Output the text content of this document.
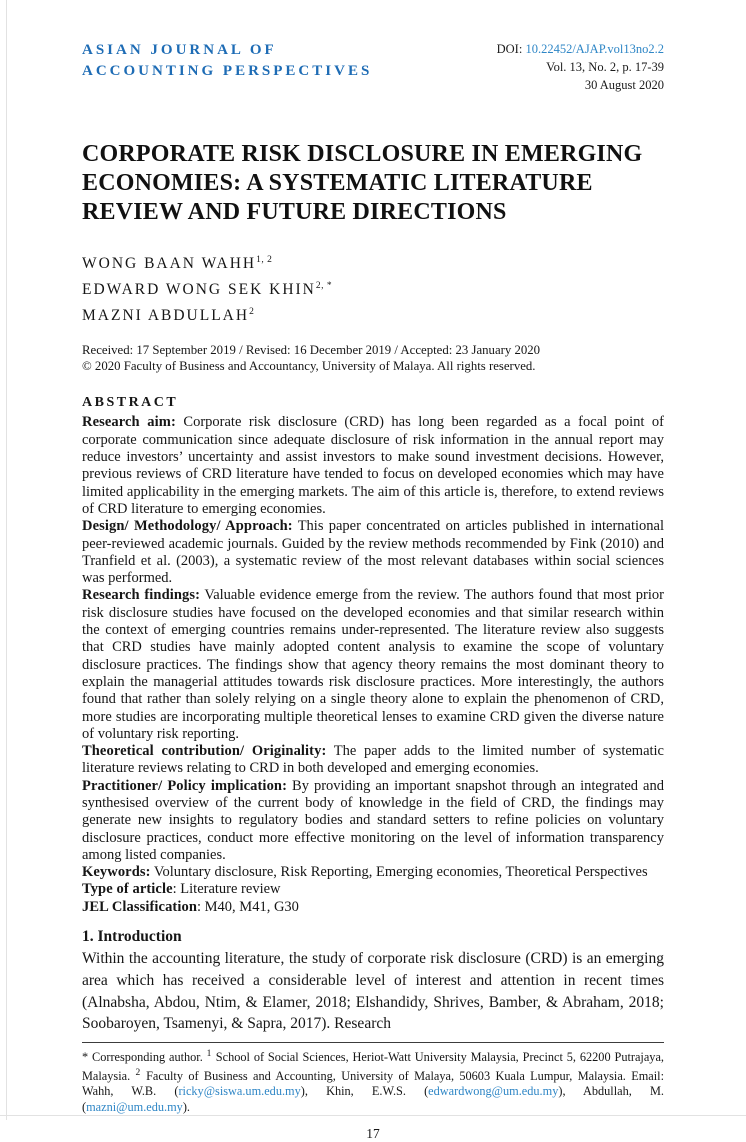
ASIAN JOURNAL OF
ACCOUNTING PERSPECTIVES
DOI: 10.22452/AJAP.vol13no2.2
Vol. 13, No. 2, p. 17-39
30 August 2020
CORPORATE RISK DISCLOSURE IN EMERGING
ECONOMIES: A SYSTEMATIC LITERATURE
REVIEW AND FUTURE DIRECTIONS
WONG BAAN WAHH$^{1, 2}$
EDWARD WONG SEK $KHIN^{2, *}$
MAZNI ABDULLAH$^2$
Received: 17 September 2019 / Revised: 16 December 2019 / Accepted: 23 January 2020
© 2020 Faculty of Business and Accountancy, University of Malaya. All rights reserved.
ABSTRACT

Research aim: Corporate risk disclosure (CRD) has long been regarded as a focal point of corporate communication since adequate disclosure of risk information in the annual report may reduce investors’ uncertainty and assist investors to make sound investment decisions. However, previous reviews of CRD literature have tended to focus on developed economies which may have limited applicability in the emerging markets. The aim of this article is, therefore, to extend reviews of CRD literature to emerging economies.

Design/ Methodology/ Approach: This paper concentrated on articles published in international peer-reviewed academic journals. Guided by the review methods recommended by Fink (2010) and Tranfield et al. (2003), a systematic review of the most relevant databases within social sciences was performed.

Research findings: Valuable evidence emerge from the review. The authors found that most prior risk disclosure studies have focused on the developed economies and that similar research within the context of emerging countries remains under-represented. The literature review also suggests that CRD studies have mainly adopted content analysis to examine the scope of voluntary disclosure practices. The findings show that agency theory remains the most dominant theory to explain the managerial attitudes towards risk disclosure practices. More interestingly, the authors found that rather than solely relying on a single theory alone to explain the phenomenon of CRD, more studies are incorporating multiple theoretical lenses to examine CRD given the diverse nature of voluntary risk reporting.

Theoretical contribution/ Originality: The paper adds to the limited number of systematic literature reviews relating to CRD in both developed and emerging economies.

Practitioner/ Policy implication: By providing an important snapshot through an integrated and synthesised overview of the current body of knowledge in the field of CRD, the findings may generate new insights to regulatory bodies and standard setters to refine policies on voluntary disclosure practices, conduct more effective monitoring on the level of information transparency among listed companies.

Keywords: Voluntary disclosure, Risk Reporting, Emerging economies, Theoretical Perspectives

Type of article: Literature review

JEL Classification: M40, M41, G30

1. Introduction

Within the accounting literature, the study of corporate risk disclosure (CRD) is an emerging area which has received a considerable level of interest and attention in recent times (Alnabsha, Abdou, Ntim, & Elamer, 2018; Elshandidy, Shrives, Bamber, & Abraham, 2018; Soobaroyen, Tsamenyi, & Sapra, 2017). Research

* Corresponding author. $^1$ School of Social Sciences, Heriot-Watt University Malaysia, Precinct 5, 62200 Putrajaya, Malaysia. $^2$ Faculty of Business and Accounting, University of Malaya, 50603 Kuala Lumpur, Malaysia. Email: Wahh, W.B. (ricky@siswa.um.edu.my), Khin, E.W.S. (edwardwong@um.edu.my), Abdullah, M. (mazni@um.edu.my).

17
